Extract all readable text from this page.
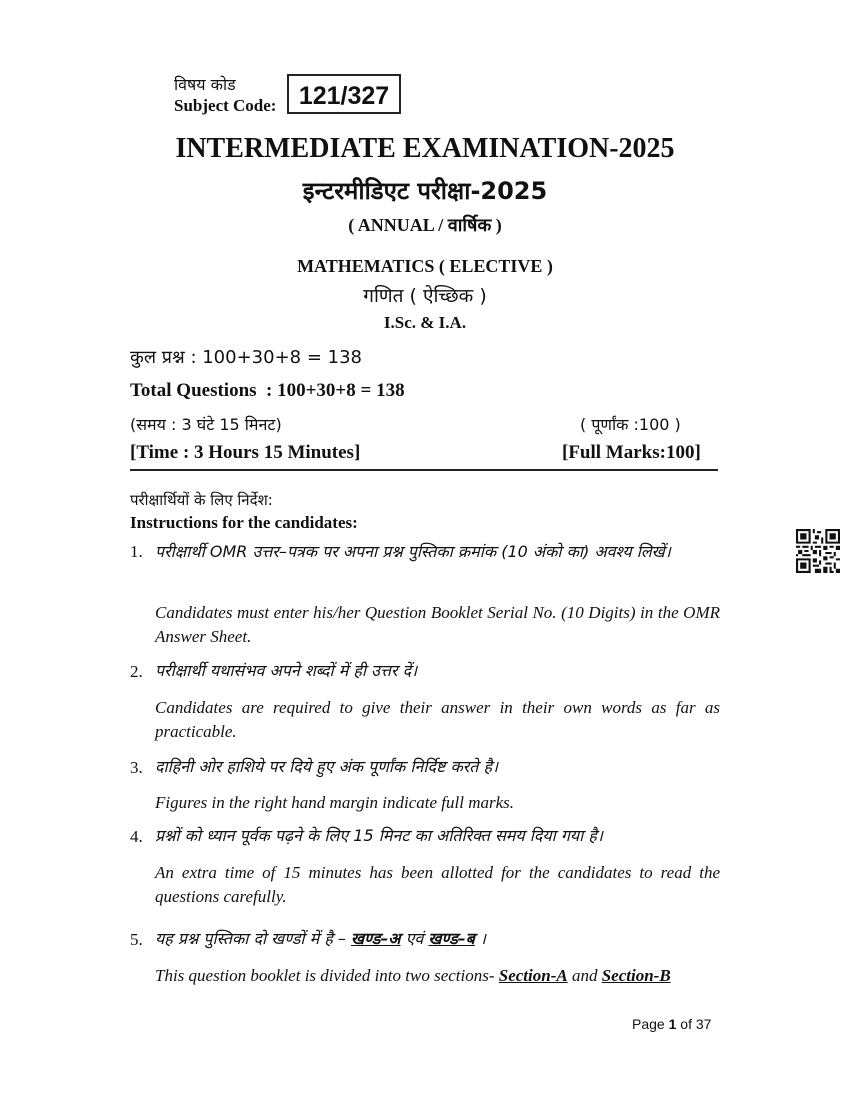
विषय कोड
Subject Code: 121/327
INTERMEDIATE EXAMINATION-2025
इन्टरमीडिएट परीक्षा-2025
( ANNUAL / वार्षिक )
MATHEMATICS ( ELECTIVE )
गणित ( ऐच्छिक )
I.Sc. & I.A.
कुल प्रश्न : 100+30+8 = 138
Total Questions  : 100+30+8 = 138
(समय : 3 घंटे 15 मिनट)	( पूर्णांक :100 )
[Time : 3 Hours 15 Minutes]	[Full Marks:100]
परीक्षार्थियों के लिए निर्देश:
Instructions for the candidates:
1. परीक्षार्थी OMR उत्तर–पत्रक पर अपना प्रश्न पुस्तिका क्रमांक (10 अंको का) अवश्य लिखें।
Candidates must enter his/her Question Booklet Serial No. (10 Digits) in the OMR Answer Sheet.
2. परीक्षार्थी यथासंभव अपने शब्दों में ही उत्तर दें।
Candidates are required to give their answer in their own words as far as practicable.
3. दाहिनी ओर हाशिये पर दिये हुए अंक पूर्णांक निर्दिष्ट करते है।
Figures in the right hand margin indicate full marks.
4. प्रश्नों को ध्यान पूर्वक पढ़ने के लिए 15 मिनट का अतिरिक्त समय दिया गया है।
An extra time of 15 minutes has been allotted for the candidates to read the questions carefully.
5. यह प्रश्न पुस्तिका दो खण्डों में है – खण्ड–अ एवं खण्ड–ब ।
This question booklet is divided into two sections- Section-A and Section-B
Page 1 of 37
